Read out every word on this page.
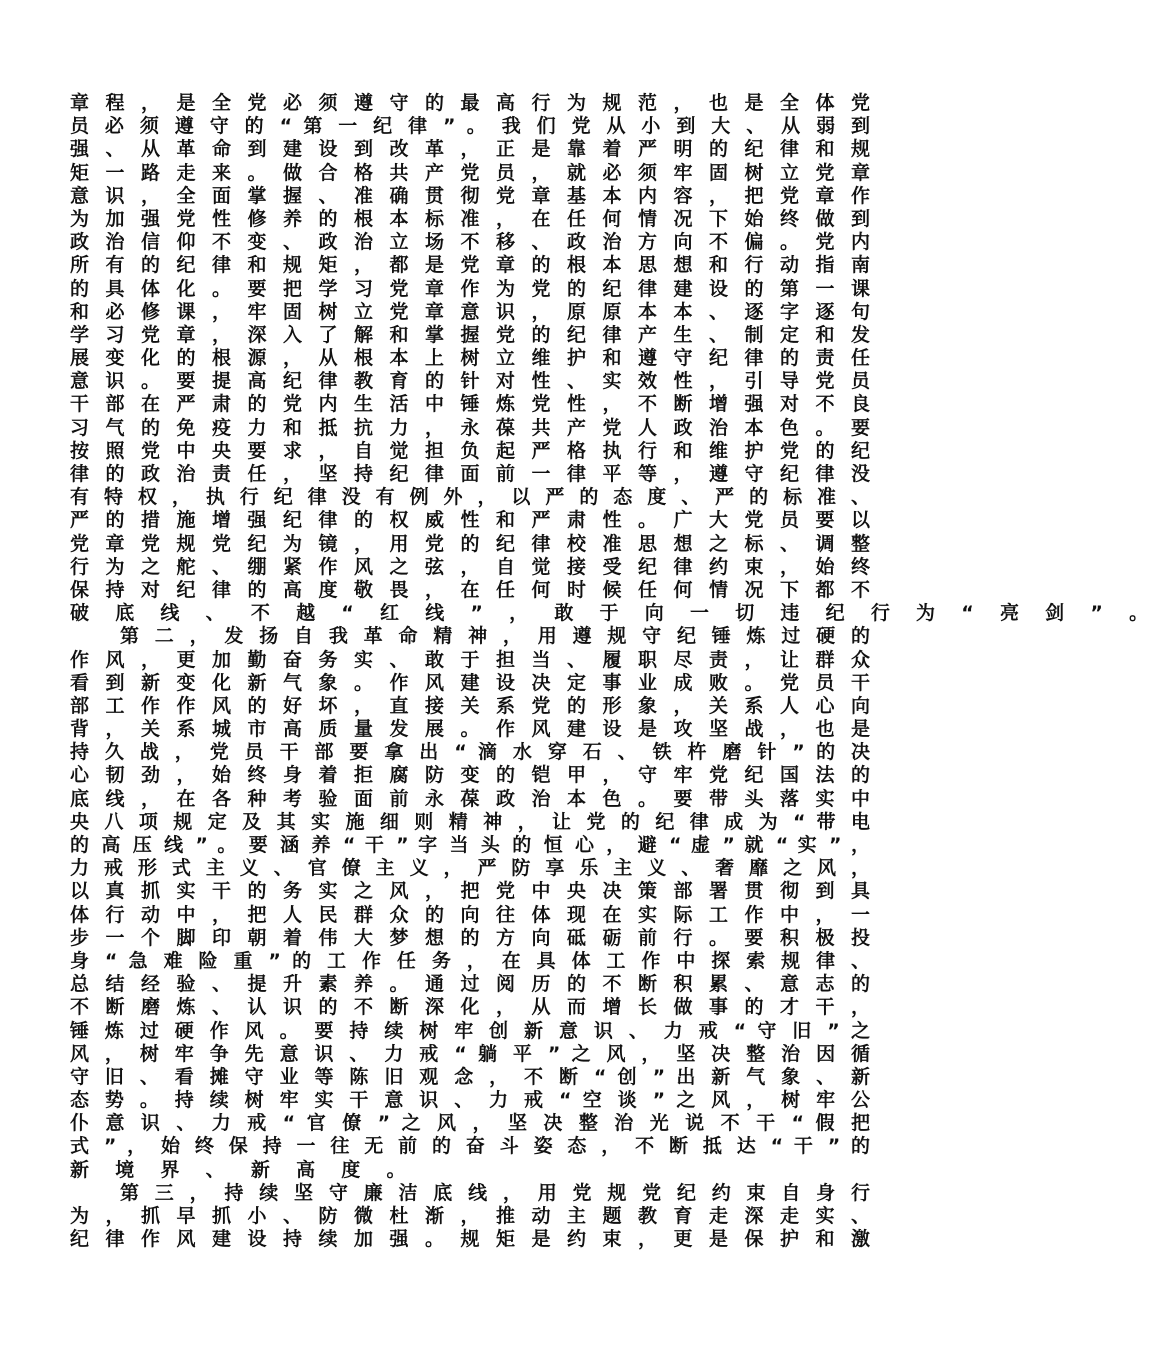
章 程 ， 是 全 党 必 须 遵 守 的 最 高 行 为 规 范 ， 也 是 全 体 党
员 必 须 遵 守 的 “ 第 一 纪 律 ” 。 我 们 党 从 小 到 大 、 从 弱 到
强 、 从 革 命 到 建 设 到 改 革 ， 正 是 靠 着 严 明 的 纪 律 和 规
矩 一 路 走 来 。 做 合 格 共 产 党 员 ， 就 必 须 牢 固 树 立 党 章
意 识 ， 全 面 掌 握 、 准 确 贯 彻 党 章 基 本 内 容 ， 把 党 章 作
为 加 强 党 性 修 养 的 根 本 标 准 ， 在 任 何 情 况 下 始 终 做 到
政 治 信 仰 不 变 、 政 治 立 场 不 移 、 政 治 方 向 不 偏 。 党 内
所 有 的 纪 律 和 规 矩 ， 都 是 党 章 的 根 本 思 想 和 行 动 指 南
的 具 体 化 。 要 把 学 习 党 章 作 为 党 的 纪 律 建 设 的 第 一 课
和 必 修 课 ， 牢 固 树 立 党 章 意 识 ， 原 原 本 本 、 逐 字 逐 句
学 习 党 章 ， 深 入 了 解 和 掌 握 党 的 纪 律 产 生 、 制 定 和 发
展 变 化 的 根 源 ， 从 根 本 上 树 立 维 护 和 遵 守 纪 律 的 责 任
意 识 。 要 提 高 纪 律 教 育 的 针 对 性 、 实 效 性 ， 引 导 党 员
干 部 在 严 肃 的 党 内 生 活 中 锤 炼 党 性 ， 不 断 增 强 对 不 良
习 气 的 免 疫 力 和 抵 抗 力 ， 永 葆 共 产 党 人 政 治 本 色 。 要
按 照 党 中 央 要 求 ， 自 觉 担 负 起 严 格 执 行 和 维 护 党 的 纪
律 的 政 治 责 任 ， 坚 持 纪 律 面 前 一 律 平 等 ， 遵 守 纪 律 没
有 特 权 ， 执 行 纪 律 没 有 例 外 ， 以 严 的 态 度 、 严 的 标 准 、
严 的 措 施 增 强 纪 律 的 权 威 性 和 严 肃 性 。 广 大 党 员 要 以
党 章 党 规 党 纪 为 镜 ， 用 党 的 纪 律 校 准 思 想 之 标 、 调 整
行 为 之 舵 、 绷 紧 作 风 之 弦 ， 自 觉 接 受 纪 律 约 束 ， 始 终
保 持 对 纪 律 的 高 度 敬 畏 ， 在 任 何 时 候 任 何 情 况 下 都 不
破 底 线 、 不 越 “ 红 线 ” ， 敢 于 向 一 切 违 纪 行 为 “ 亮 剑 ” 。
第 二 ， 发 扬 自 我 革 命 精 神 ， 用 遵 规 守 纪 锤 炼 过 硬 的
作 风 ， 更 加 勤 奋 务 实 、 敢 于 担 当 、 履 职 尽 责 ， 让 群 众
看 到 新 变 化 新 气 象 。 作 风 建 设 决 定 事 业 成 败 。 党 员 干
部 工 作 作 风 的 好 坏 ， 直 接 关 系 党 的 形 象 ， 关 系 人 心 向
背 ， 关 系 城 市 高 质 量 发 展 。 作 风 建 设 是 攻 坚 战 ， 也 是
持 久 战 ， 党 员 干 部 要 拿 出 “ 滴 水 穿 石 、 铁 杵 磨 针 ” 的 决
心 韧 劲 ， 始 终 身 着 拒 腐 防 变 的 铠 甲 ， 守 牢 党 纪 国 法 的
底 线 ， 在 各 种 考 验 面 前 永 葆 政 治 本 色 。 要 带 头 落 实 中
央 八 项 规 定 及 其 实 施 细 则 精 神 ， 让 党 的 纪 律 成 为 “ 带 电
的 高 压 线 ” 。 要 涵 养 “ 干 ” 字 当 头 的 恒 心 ， 避 “ 虚 ” 就 “ 实 ” ，
力 戒 形 式 主 义 、 官 僚 主 义 ， 严 防 享 乐 主 义 、 奢 靡 之 风 ，
以 真 抓 实 干 的 务 实 之 风 ， 把 党 中 央 决 策 部 署 贯 彻 到 具
体 行 动 中 ， 把 人 民 群 众 的 向 往 体 现 在 实 际 工 作 中 ， 一
步 一 个 脚 印 朝 着 伟 大 梦 想 的 方 向 砥 砺 前 行 。 要 积 极 投
身 “ 急 难 险 重 ” 的 工 作 任 务 ， 在 具 体 工 作 中 探 索 规 律 、
总 结 经 验 、 提 升 素 养 。 通 过 阅 历 的 不 断 积 累 、 意 志 的
不 断 磨 炼 、 认 识 的 不 断 深 化 ， 从 而 增 长 做 事 的 才 干 ，
锤 炼 过 硬 作 风 。 要 持 续 树 牢 创 新 意 识 、 力 戒 “ 守 旧 ” 之
风 ， 树 牢 争 先 意 识 、 力 戒 “ 躺 平 ” 之 风 ， 坚 决 整 治 因 循
守 旧 、 看 摊 守 业 等 陈 旧 观 念 ， 不 断 “ 创 ” 出 新 气 象 、 新
态 势 。 持 续 树 牢 实 干 意 识 、 力 戒 “ 空 谈 ” 之 风 ， 树 牢 公
仆 意 识 、 力 戒 “ 官 僚 ” 之 风 ， 坚 决 整 治 光 说 不 干 “ 假 把
式 ” ， 始 终 保 持 一 往 无 前 的 奋 斗 姿 态 ， 不 断 抵 达 “ 干 ” 的
新 境 界 、 新 高 度 。
第 三 ， 持 续 坚 守 廉 洁 底 线 ， 用 党 规 党 纪 约 束 自 身 行
为 ， 抓 早 抓 小 、 防 微 杜 渐 ， 推 动 主 题 教 育 走 深 走 实 、
纪 律 作 风 建 设 持 续 加 强 。 规 矩 是 约 束 ， 更 是 保 护 和 激
